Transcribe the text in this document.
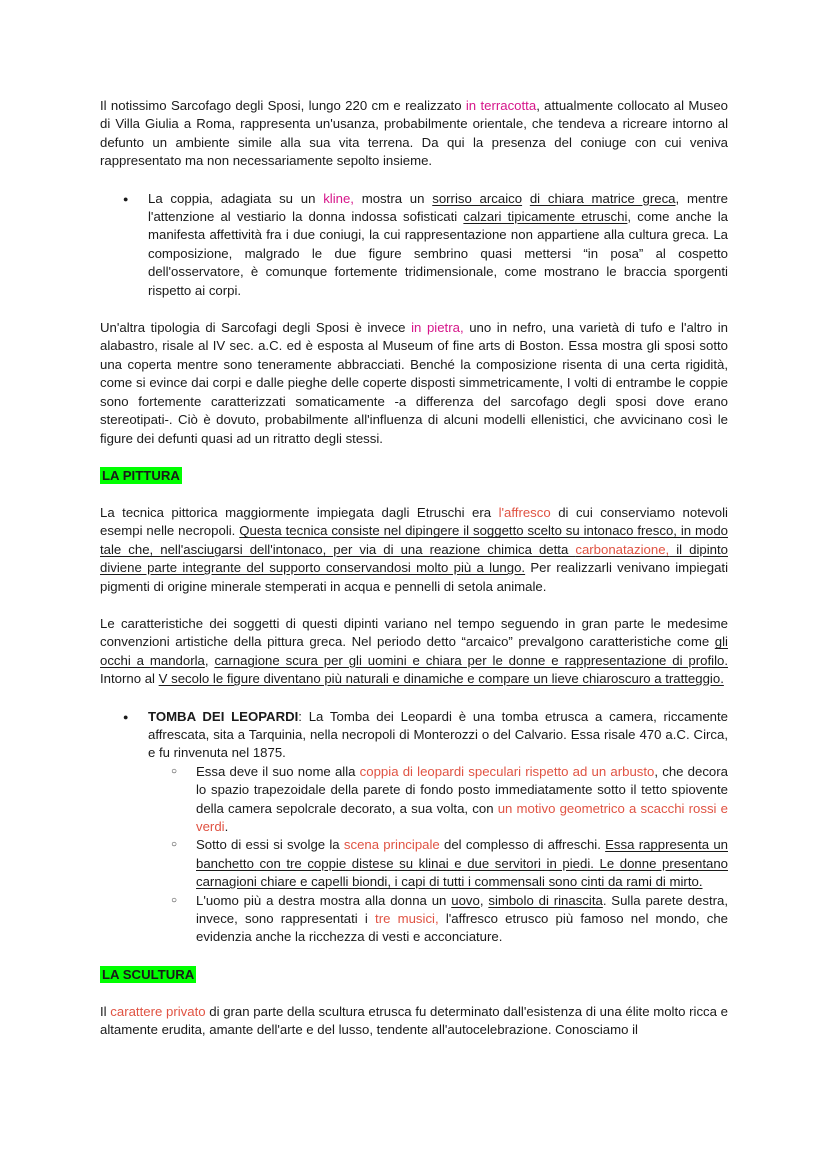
Il notissimo Sarcofago degli Sposi, lungo 220 cm e realizzato in terracotta, attualmente collocato al Museo di Villa Giulia a Roma, rappresenta un'usanza, probabilmente orientale, che tendeva a ricreare intorno al defunto un ambiente simile alla sua vita terrena. Da qui la presenza del coniuge con cui veniva rappresentato ma non necessariamente sepolto insieme.

● La coppia, adagiata su un kline, mostra un sorriso arcaico di chiara matrice greca, mentre l'attenzione al vestiario la donna indossa sofisticati calzari tipicamente etruschi, come anche la manifesta affettività fra i due coniugi, la cui rappresentazione non appartiene alla cultura greca. La composizione, malgrado le due figure sembrino quasi mettersi “in posa” al cospetto dell'osservatore, è comunque fortemente tridimensionale, come mostrano le braccia sporgenti rispetto ai corpi.

Un'altra tipologia di Sarcofagi degli Sposi è invece in pietra, uno in nefro, una varietà di tufo e l'altro in alabastro, risale al IV sec. a.C. ed è esposta al Museum of fine arts di Boston. Essa mostra gli sposi sotto una coperta mentre sono teneramente abbracciati. Benché la composizione risenta di una certa rigidità, come si evince dai corpi e dalle pieghe delle coperte disposti simmetricamente, I volti di entrambe le coppie sono fortemente caratterizzati somaticamente -a differenza del sarcofago degli sposi dove erano stereotipati-. Ciò è dovuto, probabilmente all'influenza di alcuni modelli ellenistici, che avvicinano così le figure dei defunti quasi ad un ritratto degli stessi.

LA PITTURA

La tecnica pittorica maggiormente impiegata dagli Etruschi era l'affresco di cui conserviamo notevoli esempi nelle necropoli. Questa tecnica consiste nel dipingere il soggetto scelto su intonaco fresco, in modo tale che, nell'asciugarsi dell'intonaco, per via di una reazione chimica detta carbonatazione, il dipinto diviene parte integrante del supporto conservandosi molto più a lungo. Per realizzarli venivano impiegati pigmenti di origine minerale stemperati in acqua e pennelli di setola animale.

Le caratteristiche dei soggetti di questi dipinti variano nel tempo seguendo in gran parte le medesime convenzioni artistiche della pittura greca. Nel periodo detto “arcaico” prevalgono caratteristiche come gli occhi a mandorla, carnagione scura per gli uomini e chiara per le donne e rappresentazione di profilo. Intorno al V secolo le figure diventano più naturali e dinamiche e compare un lieve chiaroscuro a tratteggio.

● TOMBA DEI LEOPARDI: La Tomba dei Leopardi è una tomba etrusca a camera, riccamente affrescata, sita a Tarquinia, nella necropoli di Monterozzi o del Calvario. Essa risale 470 a.C. Circa, e fu rinvenuta nel 1875.
○ Essa deve il suo nome alla coppia di leopardi speculari rispetto ad un arbusto, che decora lo spazio trapezoidale della parete di fondo posto immediatamente sotto il tetto spiovente della camera sepolcrale decorato, a sua volta, con un motivo geometrico a scacchi rossi e verdi.
○ Sotto di essi si svolge la scena principale del complesso di affreschi. Essa rappresenta un banchetto con tre coppie distese su klinai e due servitori in piedi. Le donne presentano carnagioni chiare e capelli biondi, i capi di tutti i commensali sono cinti da rami di mirto.
○ L'uomo più a destra mostra alla donna un uovo, simbolo di rinascita. Sulla parete destra, invece, sono rappresentati i tre musici, l'affresco etrusco più famoso nel mondo, che evidenzia anche la ricchezza di vesti e acconciature.
LA SCULTURA

Il carattere privato di gran parte della scultura etrusca fu determinato dall'esistenza di una élite molto ricca e altamente erudita, amante dell'arte e del lusso, tendente all'autocelebrazione. Conosciamo il
